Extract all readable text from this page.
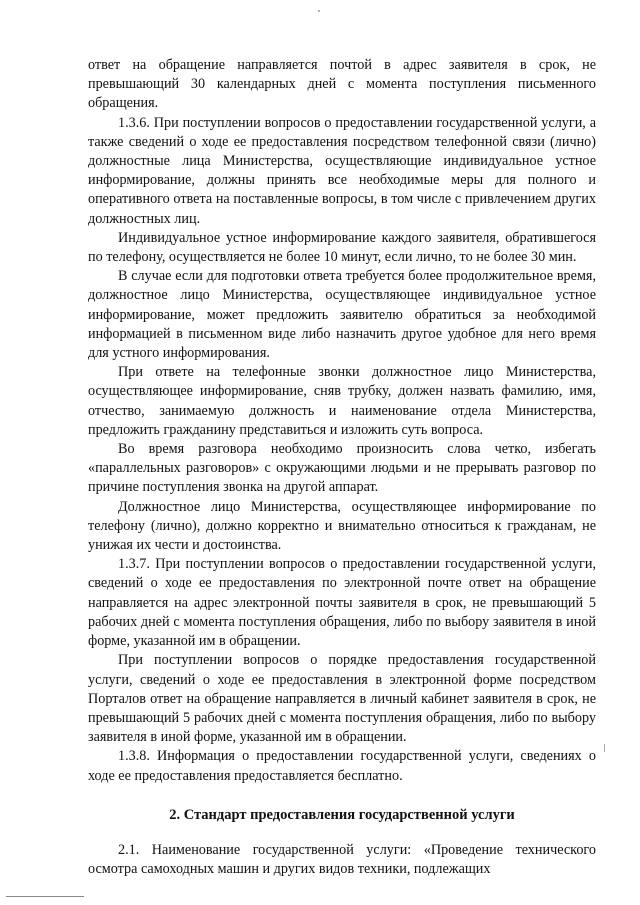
ответ на обращение направляется почтой в адрес заявителя в срок, не превышающий 30 календарных дней с момента поступления письменного обращения.

1.3.6. При поступлении вопросов о предоставлении государственной услуги, а также сведений о ходе ее предоставления посредством телефонной связи (лично) должностные лица Министерства, осуществляющие индивидуальное устное информирование, должны принять все необходимые меры для полного и оперативного ответа на поставленные вопросы, в том числе с привлечением других должностных лиц.

Индивидуальное устное информирование каждого заявителя, обратившегося по телефону, осуществляется не более 10 минут, если лично, то не более 30 мин.

В случае если для подготовки ответа требуется более продолжительное время, должностное лицо Министерства, осуществляющее индивидуальное устное информирование, может предложить заявителю обратиться за необходимой информацией в письменном виде либо назначить другое удобное для него время для устного информирования.

При ответе на телефонные звонки должностное лицо Министерства, осуществляющее информирование, сняв трубку, должен назвать фамилию, имя, отчество, занимаемую должность и наименование отдела Министерства, предложить гражданину представиться и изложить суть вопроса.

Во время разговора необходимо произносить слова четко, избегать «параллельных разговоров» с окружающими людьми и не прерывать разговор по причине поступления звонка на другой аппарат.

Должностное лицо Министерства, осуществляющее информирование по телефону (лично), должно корректно и внимательно относиться к гражданам, не унижая их чести и достоинства.

1.3.7. При поступлении вопросов о предоставлении государственной услуги, сведений о ходе ее предоставления по электронной почте ответ на обращение направляется на адрес электронной почты заявителя в срок, не превышающий 5 рабочих дней с момента поступления обращения, либо по выбору заявителя в иной форме, указанной им в обращении.

При поступлении вопросов о порядке предоставления государственной услуги, сведений о ходе ее предоставления в электронной форме посредством Порталов ответ на обращение направляется в личный кабинет заявителя в срок, не превышающий 5 рабочих дней с момента поступления обращения, либо по выбору заявителя в иной форме, указанной им в обращении.

1.3.8. Информация о предоставлении государственной услуги, сведениях о ходе ее предоставления предоставляется бесплатно.

2. Стандарт предоставления государственной услуги

2.1. Наименование государственной услуги: «Проведение технического осмотра самоходных машин и других видов техники, подлежащих
